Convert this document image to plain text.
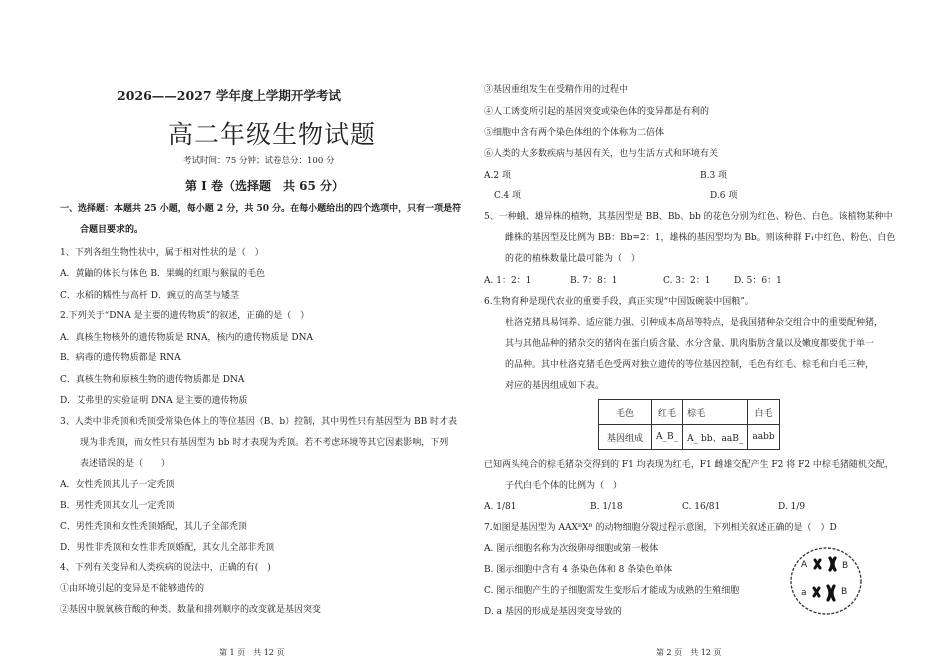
2026——2027 学年度上学期开学考试
高二年级生物试题
考试时间：75 分钟；试卷总分：100 分
第 I 卷（选择题　共 65 分）
一、选择题：本题共 25 小题，每小题 2 分，共 50 分。在每小题给出的四个选项中，只有一项是符
合题目要求的。
1、下列各组生物性状中，属于相对性状的是（　）
A．黄鼬的体长与体色 B．果蝇的红眼与猴鼠的毛色
C．水稻的糯性与高杆 D．豌豆的高茎与矮茎
2.下列关于“DNA 是主要的遗传物质”的叙述，正确的是（　）
A．真核生物核外的遗传物质是 RNA，核内的遗传物质是 DNA
B．病毒的遗传物质都是 RNA
C．真核生物和原核生物的遗传物质都是 DNA
D．艾弗里的实验证明 DNA 是主要的遗传物质
3、人类中非秃顶和秃顶受常染色体上的等位基因（B、b）控制，其中男性只有基因型为 BB 时才表
现为非秃顶，而女性只有基因型为 bb 时才表现为秃顶。若不考虑环境等其它因素影响，下列
表述错误的是（　　）
A．女性秃顶其儿子一定秃顶
B．男性秃顶其女儿一定秃顶
C．男性秃顶和女性秃顶婚配，其儿子全部秃顶
D．男性非秃顶和女性非秃顶婚配，其女儿全部非秃顶
4、下列有关变异和人类疾病的说法中，正确的有(　)
①由环境引起的变异是不能够遗传的
②基因中脱氧核苷酸的种类、数量和排列顺序的改变就是基因突变
第 1 页　共 12 页
③基因重组发生在受精作用的过程中
④人工诱变所引起的基因突变或染色体的变异都是有利的
⑤细胞中含有两个染色体组的个体称为二倍体
⑥人类的大多数疾病与基因有关，也与生活方式和环境有关
A.2 项	B.3 项
C.4 项	D.6 项
5、一种蛾、雄异株的植物，其基因型是 BB、Bb、bb 的花色分别为红色、粉色、白色。该植物某种中
雌株的基因型及比例为 BB：Bb=2：1，雄株的基因型均为 Bb。则该种群 F₁中红色、粉色、白色
的花的植株数量比最可能为（　）
A. 1：2：1	B. 7：8：1	C. 3：2：1	D. 5：6：1
6.生物育种是现代农业的重要手段，真正实现“中国饭碗装中国粮”。
杜洛克猪具易饲养、适应能力强、引种成本高昂等特点，是我国猪种杂交组合中的重要配种猪，
其与其他品种的猪杂交的猪肉在蛋白质含量、水分含量、肌肉脂肪含量以及嫩度都要优于单一
的品种。其中杜洛克猪毛色受两对独立遗传的等位基因控制，毛色有红毛、棕毛和白毛三种，
对应的基因组成如下表。
毛色	红毛	棕毛	白毛
基因组成	A_B_	A_ bb、aaB_	aabb
已知两头纯合的棕毛猪杂交得到的 F1 均表现为红毛，F1 雌雄交配产生 F2 将 F2 中棕毛猪随机交配，
子代白毛个体的比例为（　）
A. 1/81	B. 1/18	C. 16/81	D. 1/9
7.如图是基因型为 AAXᴮXᴮ 的动物细胞分裂过程示意图，下列相关叙述正确的是（　）D
A. 图示细胞名称为次级卵母细胞或第一极体
B. 图示细胞中含有 4 条染色体和 8 条染色单体
C. 图示细胞产生的子细胞需发生变形后才能成为成熟的生殖细胞
D. a 基因的形成是基因突变导致的
A	B
a	B
第 2 页　共 12 页
